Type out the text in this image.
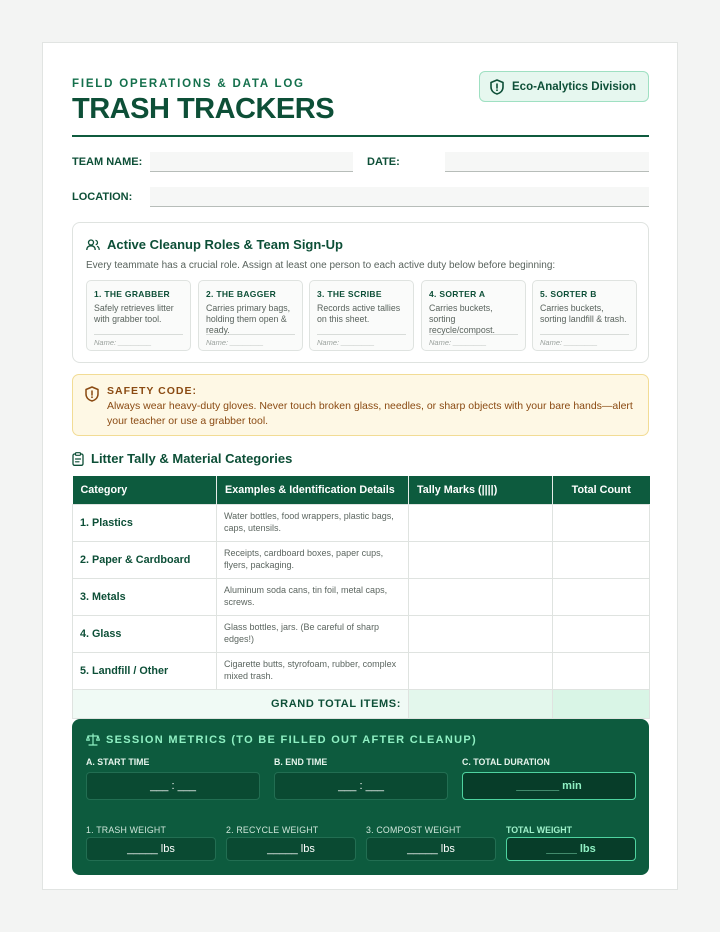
FIELD OPERATIONS & DATA LOG
TRASH TRACKERS
Eco-Analytics Division
TEAM NAME:	DATE:
LOCATION:
Active Cleanup Roles & Team Sign-Up
Every teammate has a crucial role. Assign at least one person to each active duty below before beginning:
1. THE GRABBER
Safely retrieves litter with grabber tool.
Name: ________
2. THE BAGGER
Carries primary bags, holding them open & ready.
Name: ________
3. THE SCRIBE
Records active tallies on this sheet.
Name: ________
4. SORTER A
Carries buckets, sorting recycle/compost.
Name: ________
5. SORTER B
Carries buckets, sorting landfill & trash.
Name: ________
SAFETY CODE:
Always wear heavy-duty gloves. Never touch broken glass, needles, or sharp objects with your bare hands—alert your teacher or use a grabber tool.
Litter Tally & Material Categories
Category	Examples & Identification Details	Tally Marks (||||)	Total Count
1. Plastics	Water bottles, food wrappers, plastic bags, caps, utensils.		
2. Paper & Cardboard	Receipts, cardboard boxes, paper cups, flyers, packaging.		
3. Metals	Aluminum soda cans, tin foil, metal caps, screws.		
4. Glass	Glass bottles, jars. (Be careful of sharp edges!)		
5. Landfill / Other	Cigarette butts, styrofoam, rubber, complex mixed trash.		
GRAND TOTAL ITEMS:			
SESSION METRICS (TO BE FILLED OUT AFTER CLEANUP)
A. START TIME
___ : ___
B. END TIME
___ : ___
C. TOTAL DURATION
_______ min
1. TRASH WEIGHT
_____ lbs
2. RECYCLE WEIGHT
_____ lbs
3. COMPOST WEIGHT
_____ lbs
TOTAL WEIGHT
_____ lbs
